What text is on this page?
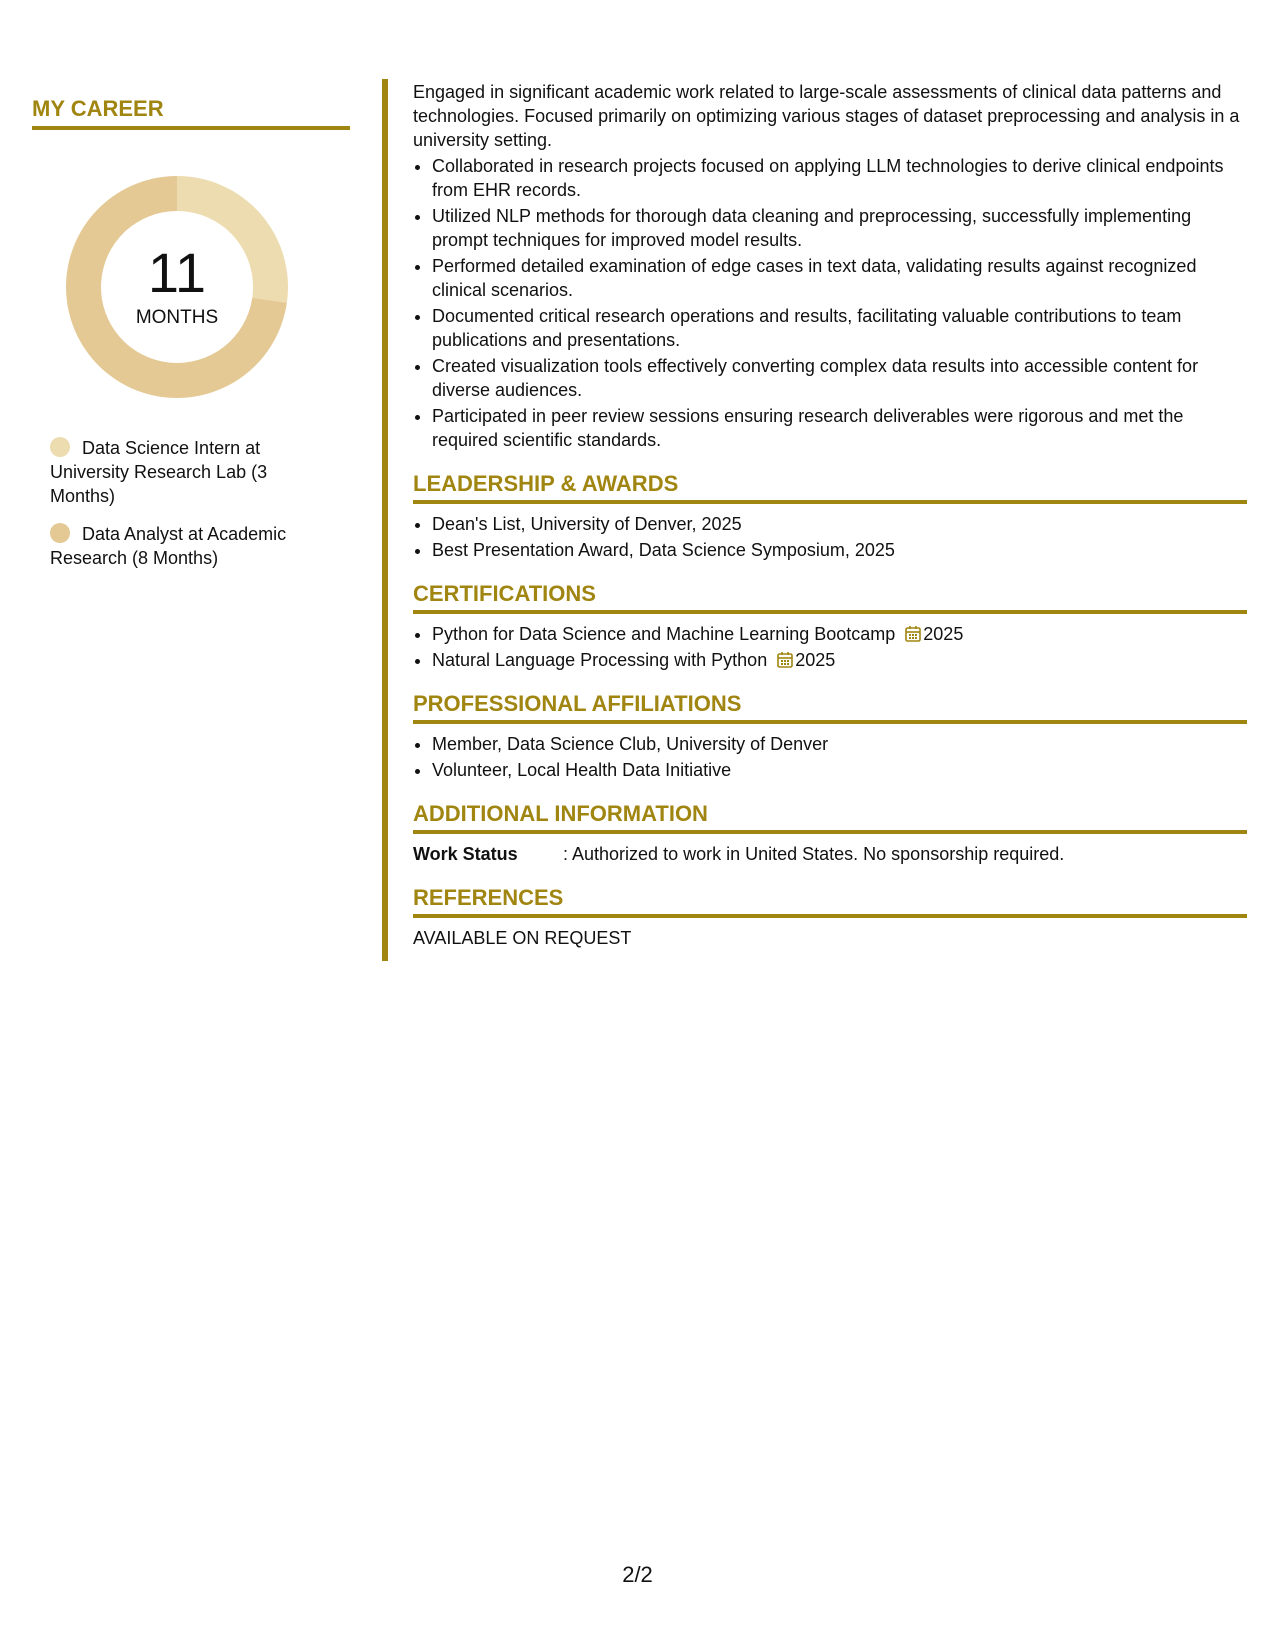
MY CAREER
11
MONTHS
Data Science Intern at University Research Lab (3 Months)
Data Analyst at Academic Research (8 Months)

Engaged in significant academic work related to large-scale assessments of clinical data patterns and technologies. Focused primarily on optimizing various stages of dataset preprocessing and analysis in a university setting.

• Collaborated in research projects focused on applying LLM technologies to derive clinical endpoints from EHR records.
• Utilized NLP methods for thorough data cleaning and preprocessing, successfully implementing prompt techniques for improved model results.
• Performed detailed examination of edge cases in text data, validating results against recognized clinical scenarios.
• Documented critical research operations and results, facilitating valuable contributions to team publications and presentations.
• Created visualization tools effectively converting complex data results into accessible content for diverse audiences.
• Participated in peer review sessions ensuring research deliverables were rigorous and met the required scientific standards.
LEADERSHIP & AWARDS
• Dean's List, University of Denver, 2025
• Best Presentation Award, Data Science Symposium, 2025
CERTIFICATIONS
• Python for Data Science and Machine Learning Bootcamp 2025
• Natural Language Processing with Python 2025
PROFESSIONAL AFFILIATIONS
• Member, Data Science Club, University of Denver
• Volunteer, Local Health Data Initiative
ADDITIONAL INFORMATION
Work Status	: Authorized to work in United States. No sponsorship required.
REFERENCES
AVAILABLE ON REQUEST
2/2
